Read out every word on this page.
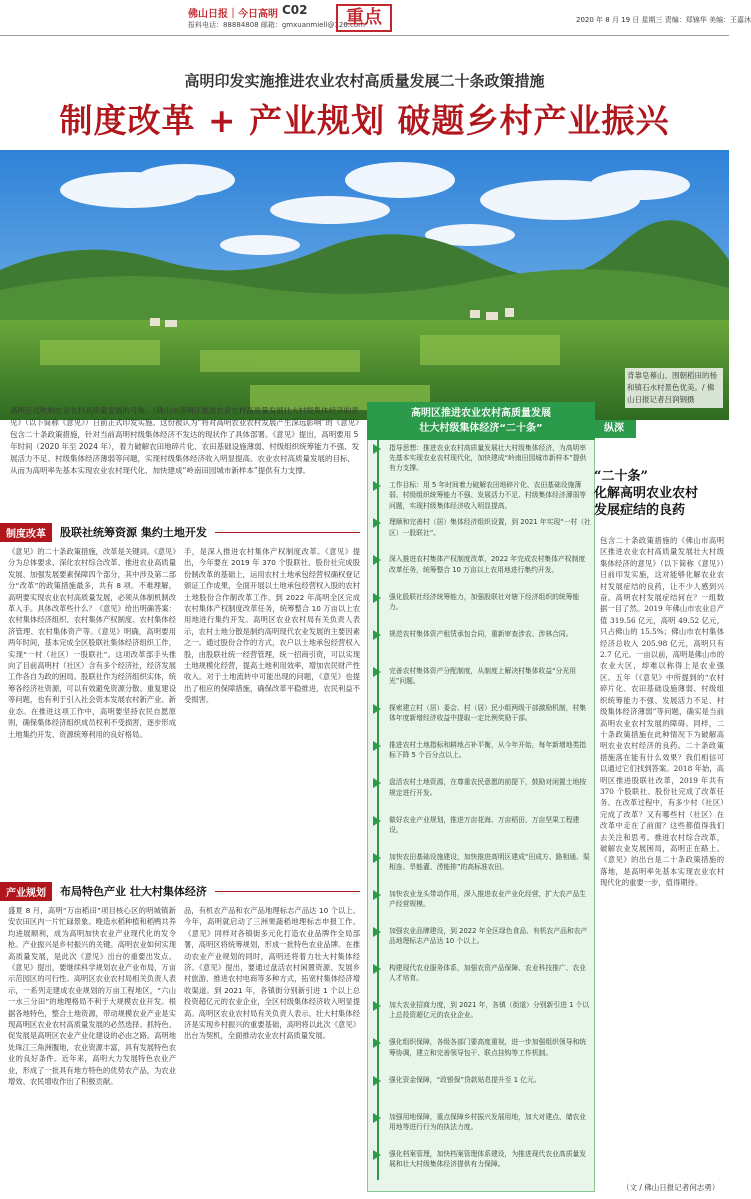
佛山日报｜今日高明 C02
报料电话：88884808 邮箱：gmxuanmiell@126.com
重点	2020 年 8 月 19 日 星期三 责编：郑锦华 美编：王嘉沐
高明印发实施推进农业农村高质量发展二十条政策措施
制度改革 + 产业规划 破题乡村产业振兴
背靠皂幕山、围朝稻田的杨和镇石水村景色优美。/ 佛山日报记者吕润钢摄
高明正式吹响农业农村高质量发展的号角。《佛山市高明区推进农业农村高质量发展壮大村级集体经济的意见》（以下简称《意见》）日前正式印发实施。这份被认为“将对高明农业农村发展产生深远影响”的《意见》包含二十条政策措施，针对当前高明村级集体经济不发达的现状作了具体部署。《意见》提出，高明要用 5 年时间（2020 年至 2024 年），着力破解农田地碎片化、农田基础设施薄弱、村级组织统筹能力不强、发展活力不足、村级集体经济薄弱等问题，实现村级集体经济收入明显提高、农业农村高质量发展的目标，从而为高明率先基本实现农业农村现代化、加快建成“岭南田园城市新样本”提供有力支撑。
制度改革	股联社统筹资源 集约土地开发
《意见》的二十条政策措施，改革是关键词。《意见》分为总体要求、深化农村综合改革、推进农业高质量发展、加强发展要素保障四个部分，其中涉及第二部分“改革”的政策措施最多，共有 8 项。不难理解，高明要实现农业农村高质量发展，必须从体制机制改革入手。具体改革些什么？《意见》给出明确答案：农村集体经济组织、农村集体产权制度、农村集体经济管理、农村集体资产等。《意见》明确，高明要用两年时间，基本完成全区股联社集体经济组织工作，实现“一村（社区）一股联社”。这项改革部手头推向了目前高明村（社区）含有多个经济社，经济发展工作各自为政的困局。股联社作为经济组织实体，统筹各经济社资源，可以有效避免资源分散、重复建设等问题，也有利于引入社会资本发展农村新产业、新业态。在推进这项工作中，高明要坚持农民自愿原则，确保集体经济组织成员权利不受损害，逐步形成土地集约开发、资源统筹利用的良好格局。
手，是深入推进农村集体产权制度改革。《意见》提出，今年要在 2019 年 370 个股联社、股份社完成股份制改革的基础上，运用农村土地承包经营权确权登记颁证工作成果，全面开展以土地承包经营权入股的农村土地股份合作制改革工作。到 2022 年高明全区完成农村集体产权制度改革任务，统筹整合 10 万亩以上农用地进行集约开发。高明区农业农村局有关负责人表示，农村土地分散是制约高明现代农业发展的主要因素之一。通过股份合作的方式，农户以土地承包经营权入股，由股联社统一经营管理，统一招商引资，可以实现土地规模化经营，提高土地利用效率，增加农民财产性收入。对于土地流转中可能出现的问题，《意见》也提出了相应的保障措施，确保改革平稳推进，农民利益不受损害。
产业规划	布局特色产业 壮大村集体经济
盛夏 8 月，高明“万亩稻田”项目核心区的明城镇新安农田区内一片忙碌景象。晚造水稻种植和稻鸭共养均进展顺利，成为高明加快农业产业现代化的发令枪。产业振兴是乡村振兴的关键。高明农业如何实现高质量发展，是此次《意见》出台的重要出发点。《意见》提出，要继续科学规划农业产业布局，万亩示范园区的可行性。高明区农业农村局相关负责人表示，一系列走建成农业规划的万亩工程地区，“六山一水三分田”的地理格局不利于大规模农业开发。根据各地特色，整合土地资源，带动规模农业产业是实现高明区农业农村高质量发展的必然选择。抓特色、促发展是高明区农业产业化建设的必由之路。高明地处珠江三角洲腹地，农业资源丰富，具有发展特色农业的良好条件。近年来，高明大力发展特色农业产业，形成了一批具有地方特色的优势农产品，为农业增效、农民增收作出了积极贡献。
品，有机农产品和农产品地理标志产品达 10 个以上。今年，高明就启动了三洲果蔬稻地理标志申报工作。《意见》同样对各镇街多元化打造农业品牌作全局部署，高明区将统筹规划，形成一批特色农业品牌。在推动农业产业规划的同时，高明还将着力壮大村集体经济。《意见》提出，要通过盘活农村闲置资源、发展乡村旅游、推进农村电商等多种方式，拓宽村集体经济增收渠道。到 2021 年，各镇街分别新引进 1 个以上总投资超亿元的农业企业，全区村级集体经济收入明显提高。高明区农业农村局有关负责人表示，壮大村集体经济是实现乡村振兴的重要基础，高明将以此次《意见》出台为契机，全面推动农业农村高质量发展。
高明区推进农业农村高质量发展
壮大村级集体经济“二十条”
指导思想：推进农业农村高质量发展壮大村级集体经济，为高明率先基本实现农业农村现代化，加快建成“岭南田园城市新样本”提供有力支撑。
工作目标：用 5 年时间着力破解农田地碎片化、农田基础设施薄弱、村级组织统筹能力不强、发展活力不足、村级集体经济薄弱等问题，实现村级集体经济收入明显提高。
理顺和完善村（居）集体经济组织设置，到 2021 年实现“一村（社区）一股联社”。
深入推进农村集体产权制度改革，2022 年完成农村集体产权制度改革任务，统筹整合 10 万亩以上农用地进行集约开发。
强化股联社经济统筹能力，加强股联社对辖下经济组织的统筹能力。
规范农村集体资产租赁承包合同，重新审查涉农、涉林合同。
完善农村集体资产分配制度，从制度上解决村集体收益“分光用光”问题。
探索建立村（居）委会、村（居）民小组两级干部激励机制，村集体年度新增经济收益中提取一定比例奖励干部。
推进农村土地指标和耕地占补平衡，从今年开始，每年新增地类指标下降 5 个百分点以上。
盘活农村土地资源，在尊重农民意愿的前提下，鼓励对闲置土地按规定进行开发。
做好农业产业规划，推进万亩花海、万亩稻田、万亩坚果工程建设。
加快农田基础设施建设，加快推进高明区建成“田成方、路相通、渠相连、旱能灌、涝能排”的高标准农田。
加快农业龙头带动作用，深入推进农业产业化经营，扩大农产品生产经营规模。
加强农业品牌建设，到 2022 年全区绿色食品、有机农产品和农产品地理标志产品达 10 个以上。
构建现代农业服务体系，加强农资产品保障、农业科技推广、农业人才培育。
加大农业招商力度，到 2021 年，各镇（街道）分别新引进 1 个以上总投资超亿元的农业企业。
强化组织保障，各级各部门要高度重视，进一步加强组织领导和统筹协调，建立和完善领导包干、联点挂钩等工作机制。
强化资金保障，“政银保”贷款贴息提升至 1 亿元。
加强用地保障，重点保障乡村振兴发展用地，加大对建点、储农业用地等进行行为的执法力度。
强化档案管理，加快档案管理体系建设，为推进现代农业高质量发展和壮大村级集体经济提供有力保障。
纵深
“二十条”
化解高明农业农村
发展症结的良药
包含二十条政策措施的《佛山市高明区推进农业农村高质量发展壮大村级集体经济的意见》（以下简称《意见》）日前印发实施，这对能够化解农业农村发展症结的良药，让不少人感到兴奋。高明农村发展症结何在？一组数据一目了然。2019 年佛山市农业总产值 319.56 亿元，高明 49.52 亿元，只占佛山的 15.5%；佛山市农村集体经济总收入 205.98 亿元，高明只有 2.7 亿元。一亩以前，高明是佛山市的农业大区，却难以称得上是农业强区。五年（《意见》中所提到的“农村碎片化、农田基础设施薄弱、村级组织统筹能力不强、发展活力不足、村级集体经济薄弱”等问题，确实是当前高明农业农村发展的障碍。同样，二十条政策措施在此种情况下为破解高明农业农村经济的良药。二十条政策措施落在能有什么效果？我们相信可以通过它们找到答案。2018 年始，高明区推进股联社改革，2019 年共有 370 个股联社、股份社完成了改革任务。在改革过程中，有多少村（社区）完成了改革？又有哪些村（社区）在改革中走在了前面？这些都值得我们去关注和思考。推进农村综合改革，破解农业发展困局，高明正在路上。《意见》的出台是二十条政策措施的落地，是高明率先基本实现农业农村现代化的重要一步，值得期待。
（文 / 佛山日报记者何志勇）
